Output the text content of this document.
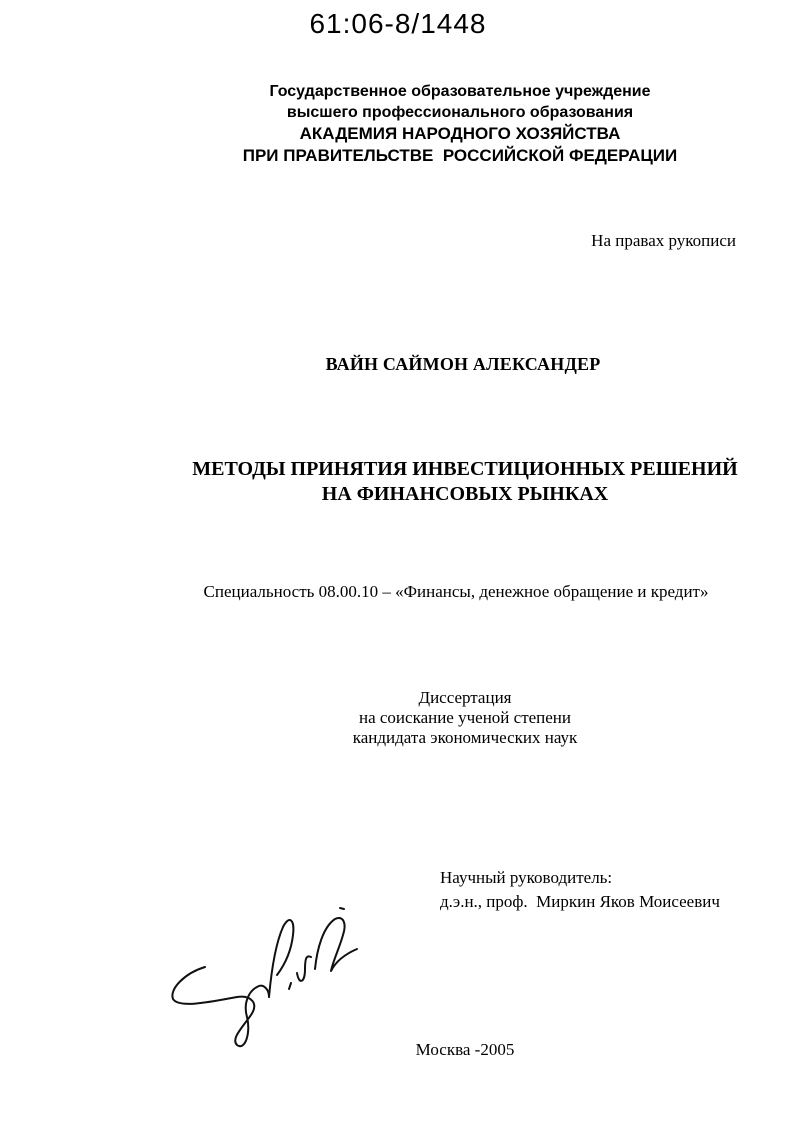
61:06-8/1448
Государственное образовательное учреждение
высшего профессионального образования
АКАДЕМИЯ НАРОДНОГО ХОЗЯЙСТВА
ПРИ ПРАВИТЕЛЬСТВЕ  РОССИЙСКОЙ ФЕДЕРАЦИИ
На правах рукописи
ВАЙН САЙМОН АЛЕКСАНДЕР
МЕТОДЫ ПРИНЯТИЯ ИНВЕСТИЦИОННЫХ РЕШЕНИЙ
НА ФИНАНСОВЫХ РЫНКАХ
Специальность 08.00.10 – «Финансы, денежное обращение и кредит»
Диссертация
на соискание ученой степени
кандидата экономических наук
Научный руководитель:
д.э.н., проф.  Миркин Яков Моисеевич
Москва -2005
